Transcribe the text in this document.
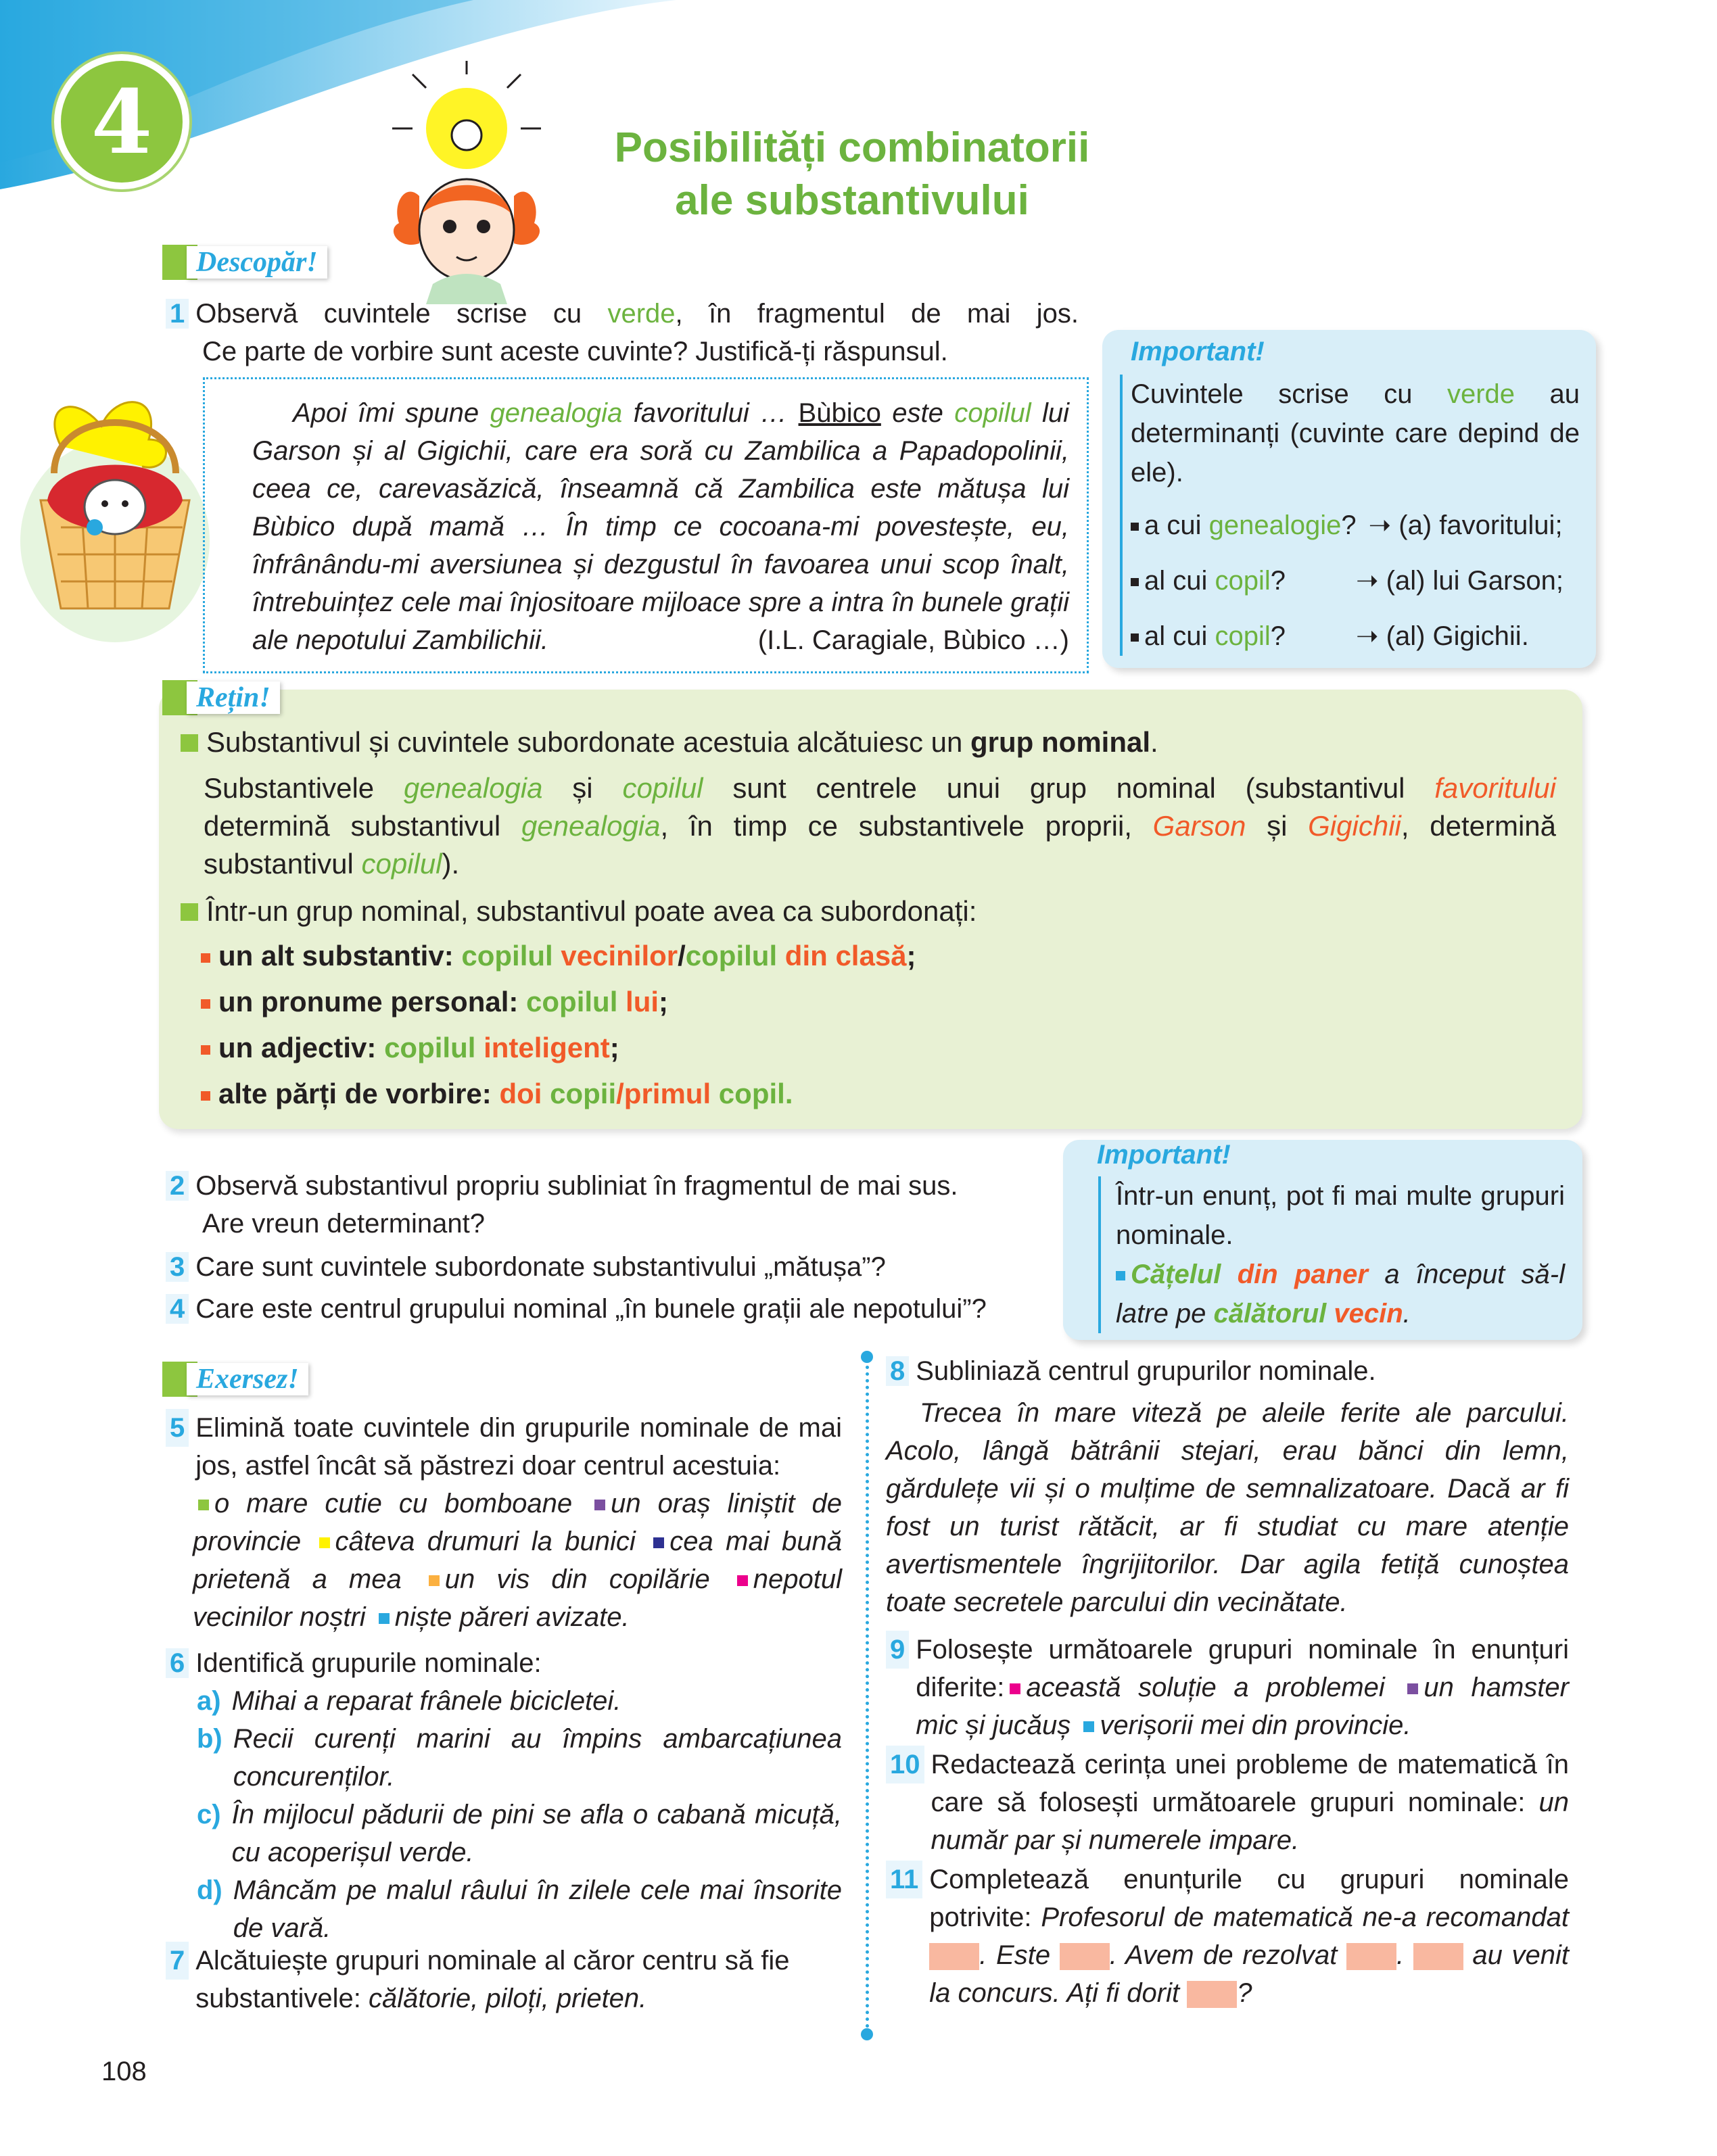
4	Posibilități combinatorii
ale substantivului
Descopăr!
1 Observă cuvintele scrise cu verde, în fragmentul de mai jos.
Ce parte de vorbire sunt aceste cuvinte? Justifică-ți răspunsul.
Apoi îmi spune genealogia favoritului … Bùbico este copilul lui Garson și al Gigichii, care era soră cu Zambilica a Papadopolinii, ceea ce, carevasăzică, înseamnă că Zambilica este mătușa lui Bùbico după mamă … În timp ce cocoana-mi povestește, eu, înfrânându-mi aversiunea și dezgustul în favoarea unui scop înalt, întrebuințez cele mai înjositoare mijloace spre a intra în bunele grații ale nepotului Zambilichii.	(I.L. Caragiale, Bùbico …)
Important!
Cuvintele scrise cu verde au determinanți (cuvinte care depind de ele).
a cui genealogie? ➝ (a) favoritului;
al cui copil?	➝ (al) lui Garson;
al cui copil?	➝ (al) Gigichii.
Substantivul și cuvintele subordonate acestuia alcătuiesc un grup nominal.
Substantivele genealogia și copilul sunt centrele unui grup nominal (substantivul favoritului
determină substantivul genealogia, în timp ce substantivele proprii, Garson și Gigichii, determină
substantivul copilul).
Într-un grup nominal, substantivul poate avea ca subordonați:
un alt substantiv: copilul vecinilor/copilul din clasă;
un pronume personal: copilul lui;
un adjectiv: copilul inteligent;
alte părți de vorbire: doi copii/primul copil.
Rețin!
2 Observă substantivul propriu subliniat în fragmentul de mai sus.
Are vreun determinant?
3 Care sunt cuvintele subordonate substantivului „mătușa”?
4 Care este centrul grupului nominal „în bunele grații ale nepotului”?
Important!
Într-un enunț, pot fi mai multe grupuri nominale.
Cățelul din paner a început să-l latre pe călătorul vecin.
Exersez!
5 Elimină toate cuvintele din grupurile nominale de mai jos, astfel încât să păstrezi doar centrul acestuia:
o mare cutie cu bomboane un oraș liniștit de provincie câteva drumuri la bunici cea mai bună prietenă a mea un vis din copilărie nepotul vecinilor noștri niște păreri avizate.
6 Identifică grupurile nominale:
a) Mihai a reparat frânele bicicletei.
b) Recii curenți marini au împins ambarcațiunea concurenților.
c) În mijlocul pădurii de pini se afla o cabană micuță, cu acoperișul verde.
d) Mâncăm pe malul râului în zilele cele mai însorite de vară.
7 Alcătuiește grupuri nominale al căror centru să fie substantivele: călătorie, piloți, prieten.
8 Subliniază centrul grupurilor nominale.
Trecea în mare viteză pe aleile ferite ale parcului. Acolo, lângă bătrânii stejari, erau bănci din lemn, gărdulețe vii și o mulțime de semnalizatoare. Dacă ar fi fost un turist rătăcit, ar fi studiat cu mare atenție avertismentele îngrijitorilor. Dar agila fetiță cunoștea toate secretele parcului din vecinătate.
9 Folosește următoarele grupuri nominale în enunțuri diferite: această soluție a problemei un hamster mic și jucăuș verișorii mei din provincie.
10 Redactează cerința unei probleme de matematică în care să folosești următoarele grupuri nominale: un număr par și numerele impare.
11 Completează enunțurile cu grupuri nominale potrivite: Profesorul de matematică ne-a recomandat . Este . Avem de rezolvat .	au venit la concurs. Ați fi dorit ?
108
